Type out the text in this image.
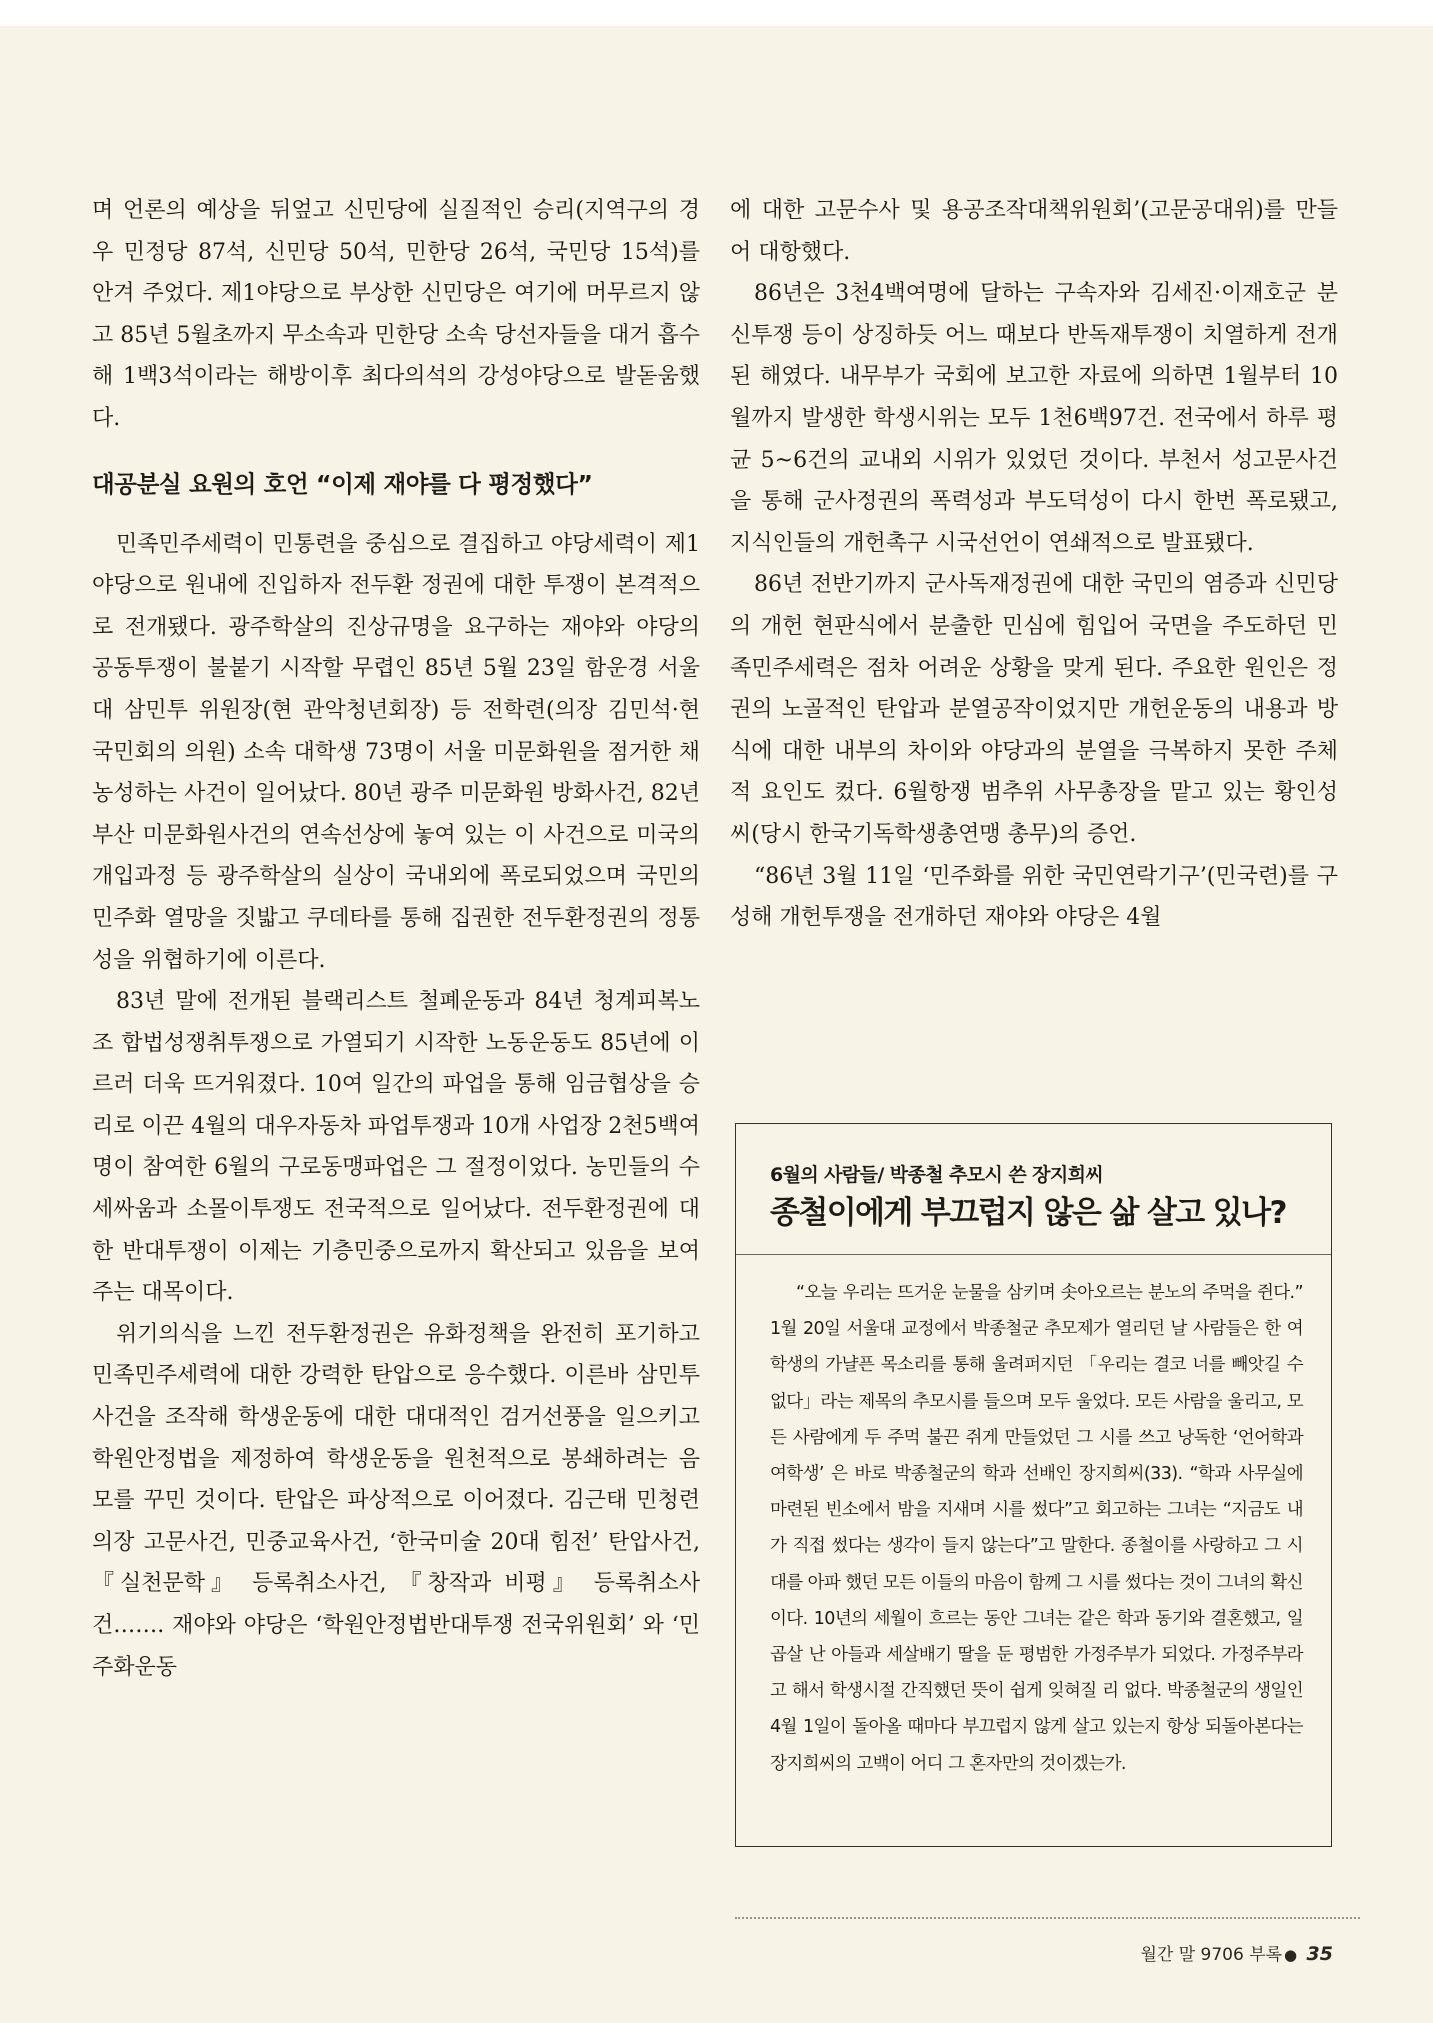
며 언론의 예상을 뒤엎고 신민당에 실질적인 승리(지역구의 경우 민정당 87석, 신민당 50석, 민한당 26석, 국민당 15석)를 안겨 주었다. 제1야당으로 부상한 신민당은 여기에 머무르지 않고 85년 5월초까지 무소속과 민한당 소속 당선자들을 대거 흡수해 1백3석이라는 해방이후 최다의석의 강성야당으로 발돋움했다.

대공분실 요원의 호언 “이제 재야를 다 평정했다”

민족민주세력이 민통련을 중심으로 결집하고 야당세력이 제1야당으로 원내에 진입하자 전두환 정권에 대한 투쟁이 본격적으로 전개됐다. 광주학살의 진상규명을 요구하는 재야와 야당의 공동투쟁이 불붙기 시작할 무렵인 85년 5월 23일 함운경 서울대 삼민투 위원장(현 관악청년회장) 등 전학련(의장 김민석·현 국민회의 의원) 소속 대학생 73명이 서울 미문화원을 점거한 채 농성하는 사건이 일어났다. 80년 광주 미문화원 방화사건, 82년 부산 미문화원사건의 연속선상에 놓여 있는 이 사건으로 미국의 개입과정 등 광주학살의 실상이 국내외에 폭로되었으며 국민의 민주화 열망을 짓밟고 쿠데타를 통해 집권한 전두환정권의 정통성을 위협하기에 이른다.

83년 말에 전개된 블랙리스트 철폐운동과 84년 청계피복노조 합법성쟁취투쟁으로 가열되기 시작한 노동운동도 85년에 이르러 더욱 뜨거워졌다. 10여 일간의 파업을 통해 임금협상을 승리로 이끈 4월의 대우자동차 파업투쟁과 10개 사업장 2천5백여명이 참여한 6월의 구로동맹파업은 그 절정이었다. 농민들의 수세싸움과 소몰이투쟁도 전국적으로 일어났다. 전두환정권에 대한 반대투쟁이 이제는 기층민중으로까지 확산되고 있음을 보여 주는 대목이다.

위기의식을 느낀 전두환정권은 유화정책을 완전히 포기하고 민족민주세력에 대한 강력한 탄압으로 응수했다. 이른바 삼민투사건을 조작해 학생운동에 대한 대대적인 검거선풍을 일으키고 학원안정법을 제정하여 학생운동을 원천적으로 봉쇄하려는 음모를 꾸민 것이다. 탄압은 파상적으로 이어졌다. 김근태 민청련 의장 고문사건, 민중교육사건, ‘한국미술 20대 힘전’ 탄압사건, 『실천문학』 등록취소사건, 『창작과 비평』 등록취소사건……. 재야와 야당은 ‘학원안정법반대투쟁 전국위원회’ 와 ‘민주화운동

에 대한 고문수사 및 용공조작대책위원회’(고문공대위)를 만들어 대항했다.

86년은 3천4백여명에 달하는 구속자와 김세진·이재호군 분신투쟁 등이 상징하듯 어느 때보다 반독재투쟁이 치열하게 전개된 해였다. 내무부가 국회에 보고한 자료에 의하면 1월부터 10월까지 발생한 학생시위는 모두 1천6백97건. 전국에서 하루 평균 5~6건의 교내외 시위가 있었던 것이다. 부천서 성고문사건을 통해 군사정권의 폭력성과 부도덕성이 다시 한번 폭로됐고, 지식인들의 개헌촉구 시국선언이 연쇄적으로 발표됐다.

86년 전반기까지 군사독재정권에 대한 국민의 염증과 신민당의 개헌 현판식에서 분출한 민심에 힘입어 국면을 주도하던 민족민주세력은 점차 어려운 상황을 맞게 된다. 주요한 원인은 정권의 노골적인 탄압과 분열공작이었지만 개헌운동의 내용과 방식에 대한 내부의 차이와 야당과의 분열을 극복하지 못한 주체적 요인도 컸다. 6월항쟁 범추위 사무총장을 맡고 있는 황인성씨(당시 한국기독학생총연맹 총무)의 증언.

“86년 3월 11일 ‘민주화를 위한 국민연락기구’(민국련)를 구성해 개헌투쟁을 전개하던 재야와 야당은 4월

6월의 사람들/ 박종철 추모시 쓴 장지희씨

종철이에게 부끄럽지 않은 삶 살고 있나?

“오늘 우리는 뜨거운 눈물을 삼키며 솟아오르는 분노의 주먹을 쥔다.” 1월 20일 서울대 교정에서 박종철군 추모제가 열리던 날 사람들은 한 여학생의 가냘픈 목소리를 통해 울려퍼지던 「우리는 결코 너를 빼앗길 수 없다」라는 제목의 추모시를 들으며 모두 울었다. 모든 사람을 울리고, 모든 사람에게 두 주먹 불끈 쥐게 만들었던 그 시를 쓰고 낭독한 ‘언어학과 여학생’ 은 바로 박종철군의 학과 선배인 장지희씨(33). “학과 사무실에 마련된 빈소에서 밤을 지새며 시를 썼다”고 회고하는 그녀는 “지금도 내가 직접 썼다는 생각이 들지 않는다”고 말한다. 종철이를 사랑하고 그 시대를 아파 했던 모든 이들의 마음이 함께 그 시를 썼다는 것이 그녀의 확신이다. 10년의 세월이 흐르는 동안 그녀는 같은 학과 동기와 결혼했고, 일곱살 난 아들과 세살배기 딸을 둔 평범한 가정주부가 되었다. 가정주부라고 해서 학생시절 간직했던 뜻이 쉽게 잊혀질 리 없다. 박종철군의 생일인 4월 1일이 돌아올 때마다 부끄럽지 않게 살고 있는지 항상 되돌아본다는 장지희씨의 고백이 어디 그 혼자만의 것이겠는가.

월간 말 9706 부록 ● 35
